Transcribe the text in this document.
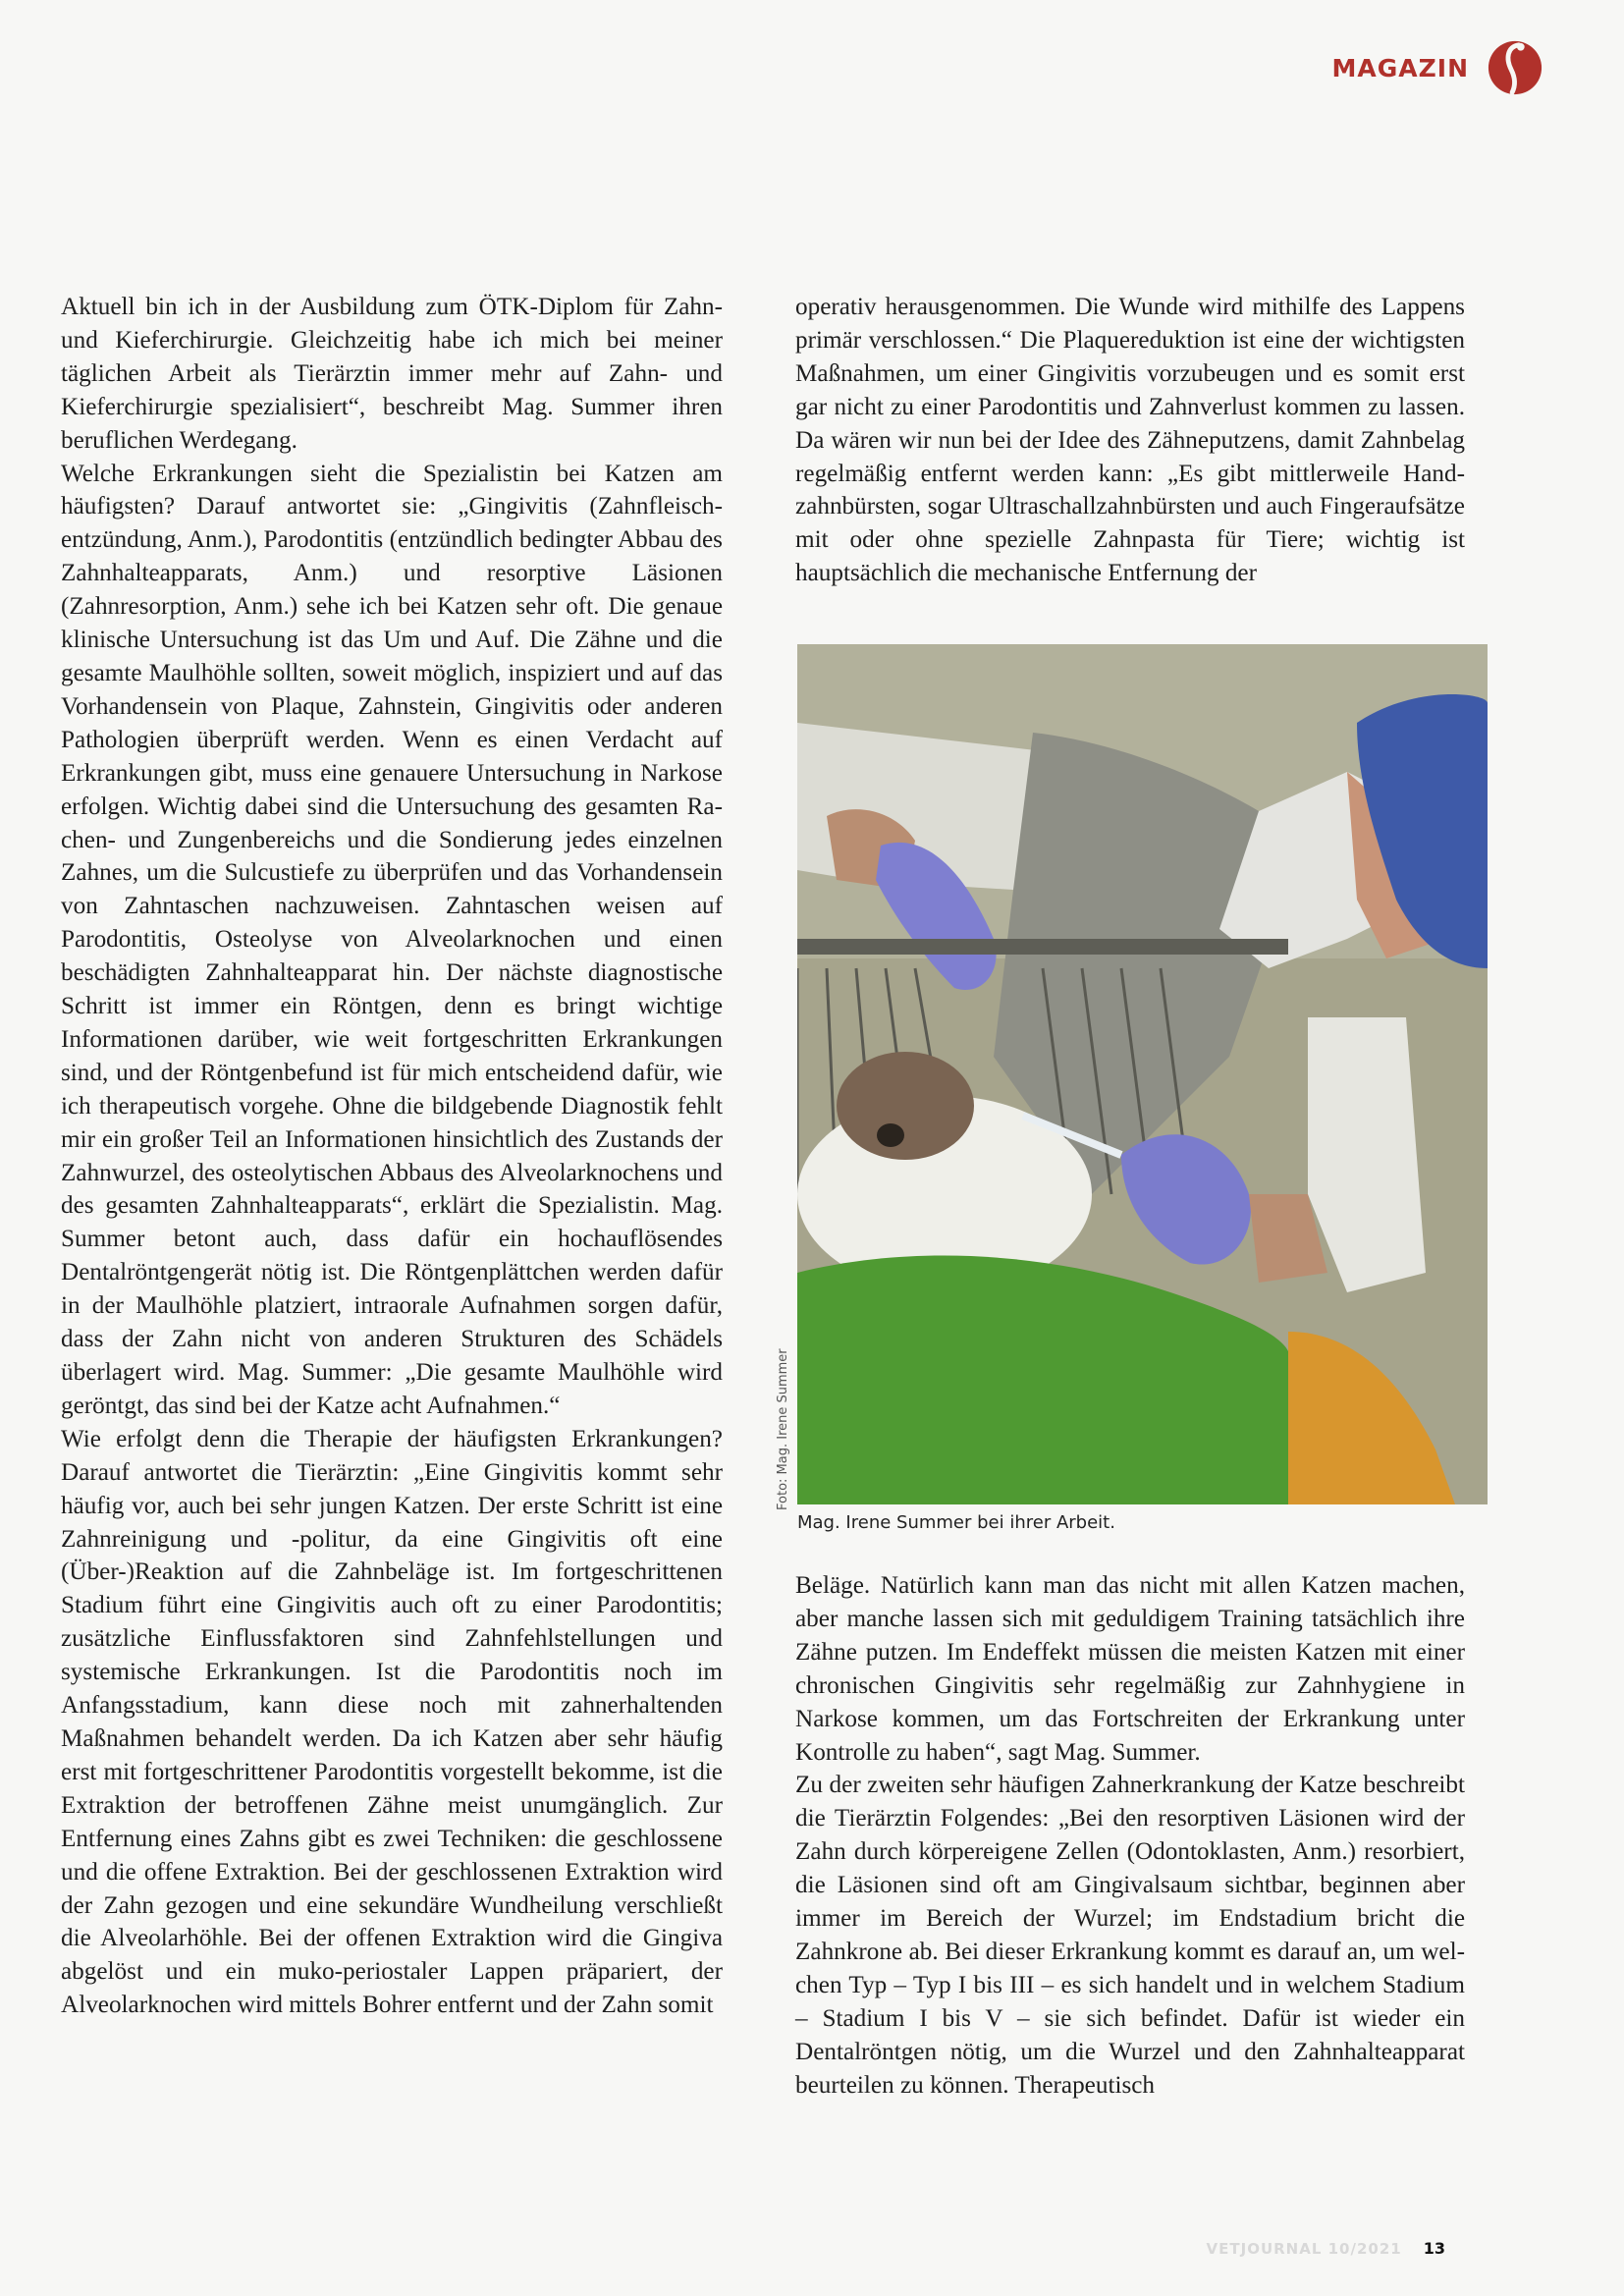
MAGAZIN

Aktuell bin ich in der Ausbildung zum ÖTK-Diplom für Zahn- und Kieferchirurgie. Gleichzeitig habe ich mich bei meiner täglichen Arbeit als Tierärztin immer mehr auf Zahn- und Kieferchirurgie spezialisiert“, beschreibt Mag. Summer ihren beruflichen Werdegang.

Welche Erkrankungen sieht die Spezialistin bei Katzen am häufigsten? Darauf antwortet sie: „Gingivitis (Zahnfleischentzündung, Anm.), Parodontitis (entzündlich bedingter Abbau des Zahnhalteapparats, Anm.) und resorptive Läsionen (Zahnresorption, Anm.) sehe ich bei Katzen sehr oft. Die genaue klinische Untersuchung ist das Um und Auf. Die Zähne und die gesamte Maulhöhle sollten, soweit möglich, inspiziert und auf das Vorhandensein von Plaque, Zahnstein, Gingivitis oder anderen Pathologien überprüft werden. Wenn es einen Verdacht auf Erkrankungen gibt, muss eine genauere Untersuchung in Narkose erfolgen. Wichtig dabei sind die Untersuchung des gesamten Rachen- und Zungenbereichs und die Sondierung jedes einzelnen Zahnes, um die Sulcustiefe zu überprüfen und das Vorhandensein von Zahntaschen nachzuweisen. Zahntaschen weisen auf Parodontitis, Osteolyse von Alveolarknochen und einen beschädigten Zahnhalteapparat hin. Der nächste diagnostische Schritt ist immer ein Röntgen, denn es bringt wichtige Informationen darüber, wie weit fortgeschritten Erkrankungen sind, und der Röntgenbefund ist für mich entscheidend dafür, wie ich therapeutisch vorgehe. Ohne die bildgebende Diagnostik fehlt mir ein großer Teil an Informationen hinsichtlich des Zustands der Zahnwurzel, des osteolytischen Abbaus des Alveolarknochens und des gesamten Zahnhalteapparats“, erklärt die Spezialistin. Mag. Summer betont auch, dass dafür ein hochauflösendes Dentalröntgengerät nötig ist. Die Röntgenplättchen werden dafür in der Maulhöhle platziert, intraorale Aufnahmen sorgen dafür, dass der Zahn nicht von anderen Strukturen des Schädels überlagert wird. Mag. Summer: „Die gesamte Maulhöhle wird geröntgt, das sind bei der Katze acht Aufnahmen.“

Wie erfolgt denn die Therapie der häufigsten Erkrankungen? Darauf antwortet die Tierärztin: „Eine Gingivitis kommt sehr häufig vor, auch bei sehr jungen Katzen. Der erste Schritt ist eine Zahnreinigung und -politur, da eine Gingivitis oft eine (Über-)Reaktion auf die Zahnbeläge ist. Im fortgeschrittenen Stadium führt eine Gingivitis auch oft zu einer Parodontitis; zusätzliche Einflussfaktoren sind Zahnfehlstellungen und systemische Erkrankungen. Ist die Parodontitis noch im Anfangsstadium, kann diese noch mit zahnerhaltenden Maßnahmen behandelt werden. Da ich Katzen aber sehr häufig erst mit fortgeschrittener Parodontitis vorgestellt bekomme, ist die Extraktion der betroffenen Zähne meist unumgänglich. Zur Entfernung eines Zahns gibt es zwei Techniken: die geschlossene und die offene Extraktion. Bei der geschlossenen Extraktion wird der Zahn gezogen und eine sekundäre Wundheilung verschließt die Alveolarhöhle. Bei der offenen Extraktion wird die Gingiva abgelöst und ein muko-periostaler Lappen präpariert, der Alveolarknochen wird mittels Bohrer entfernt und der Zahn somit

operativ herausgenommen. Die Wunde wird mithilfe des Lappens primär verschlossen.“ Die Plaquereduktion ist eine der wichtigsten Maßnahmen, um einer Gingivitis vorzubeugen und es somit erst gar nicht zu einer Parodontitis und Zahnverlust kommen zu lassen. Da wären wir nun bei der Idee des Zähneputzens, damit Zahnbelag regelmäßig entfernt werden kann: „Es gibt mittlerweile Handzahnbürsten, sogar Ultraschallzahnbürsten und auch Fingeraufsätze mit oder ohne spezielle Zahnpasta für Tiere; wichtig ist hauptsächlich die mechanische Entfernung der

Foto: Mag. Irene Summer
Mag. Irene Summer bei ihrer Arbeit.

Beläge. Natürlich kann man das nicht mit allen Katzen machen, aber manche lassen sich mit geduldigem Training tatsächlich ihre Zähne putzen. Im Endeffekt müssen die meisten Katzen mit einer chronischen Gingivitis sehr regelmäßig zur Zahnhygiene in Narkose kommen, um das Fortschreiten der Erkrankung unter Kontrolle zu haben“, sagt Mag. Summer.

Zu der zweiten sehr häufigen Zahnerkrankung der Katze beschreibt die Tierärztin Folgendes: „Bei den resorptiven Läsionen wird der Zahn durch körpereigene Zellen (Odontoklasten, Anm.) resorbiert, die Läsionen sind oft am Gingivalsaum sichtbar, beginnen aber immer im Bereich der Wurzel; im Endstadium bricht die Zahnkrone ab. Bei dieser Erkrankung kommt es darauf an, um welchen Typ – Typ I bis III – es sich handelt und in welchem Stadium – Stadium I bis V – sie sich befindet. Dafür ist wieder ein Dentalröntgen nötig, um die Wurzel und den Zahnhalteapparat beurteilen zu können. Therapeutisch

VETJOURNAL 10/2021 13
